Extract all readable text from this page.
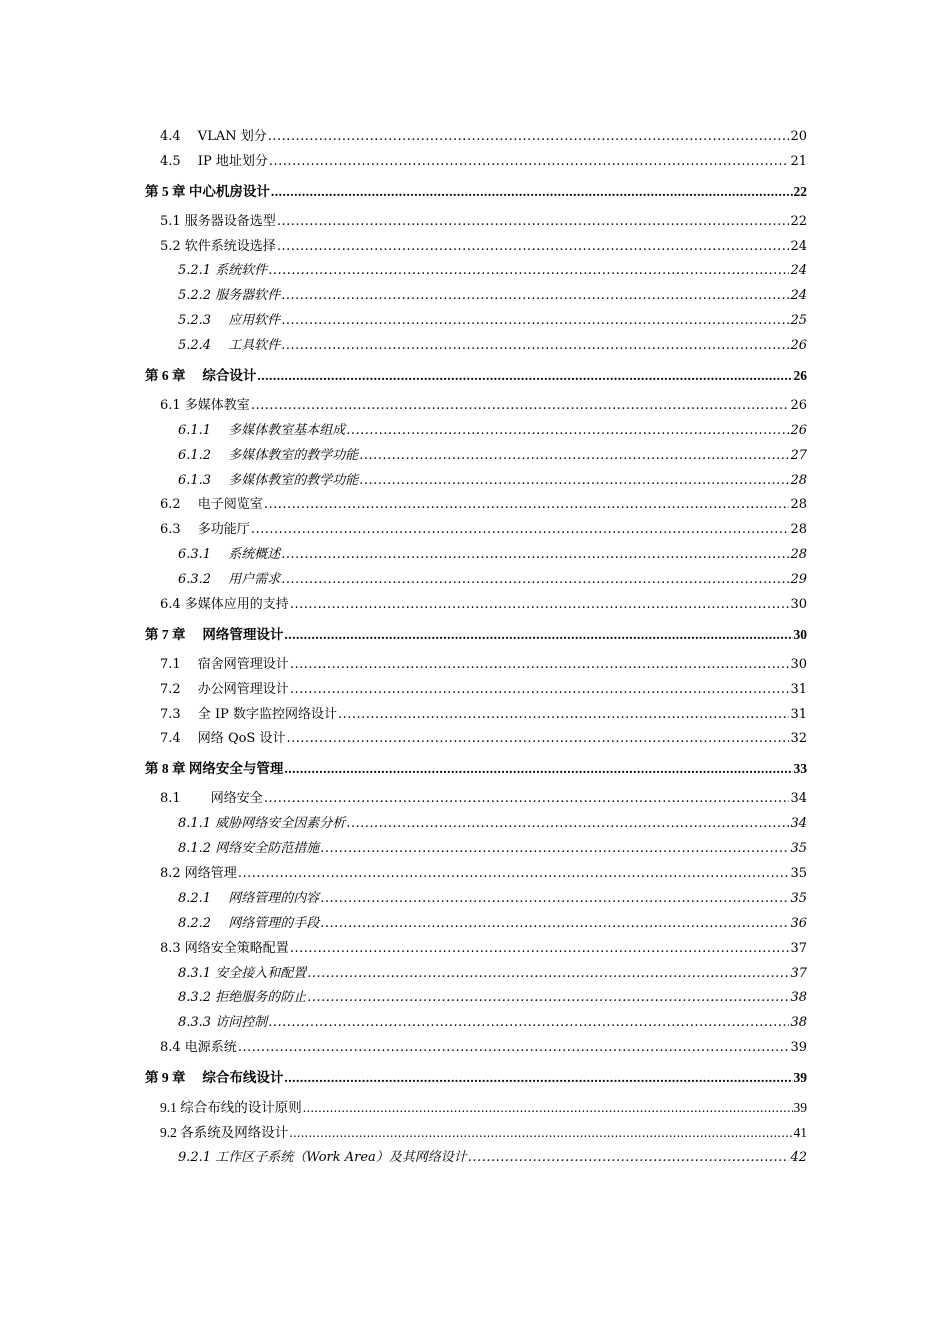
4.4　 VLAN 划分 .....	20
4.5　 IP 地址划分 .....	21
第 5 章 中心机房设计 .....	22
5.1 服务器设备选型 .....	22
5.2 软件系统设选择 .....	24
5.2.1 系统软件 .....	24
5.2.2 服务器软件 .....	24
5.2.3　 应用软件 .....	25
5.2.4　 工具软件 .....	26
第 6 章　 综合设计 .....	26
6.1 多媒体教室 .....	26
6.1.1　 多媒体教室基本组成 .....	26
6.1.2　 多媒体教室的教学功能 .....	27
6.1.3　 多媒体教室的教学功能 .....	28
6.2　 电子阅览室 .....	28
6.3　 多功能厅 .....	28
6.3.1　 系统概述 .....	28
6.3.2　 用户需求 .....	29
6.4 多媒体应用的支持 .....	30
第 7 章　 网络管理设计 .....	30
7.1　 宿舍网管理设计 .....	30
7.2　 办公网管理设计 .....	31
7.3　 全 IP 数字监控网络设计 .....	31
7.4　 网络 QoS 设计 .....	32
第 8 章 网络安全与管理 .....	33
8.1　　 网络安全 .....	34
8.1.1 威胁网络安全因素分析 .....	34
8.1.2 网络安全防范措施 .....	35
8.2 网络管理 .....	35
8.2.1　 网络管理的内容 .....	35
8.2.2　 网络管理的手段 .....	36
8.3 网络安全策略配置 .....	37
8.3.1 安全接入和配置 .....	37
8.3.2 拒绝服务的防止 .....	38
8.3.3 访问控制 .....	38
8.4 电源系统 .....	39
第 9 章　 综合布线设计 .....	39
9.1 综合布线的设计原则 .....	39
9.2 各系统及网络设计 .....	41
9.2.1 工作区子系统（Work Area）及其网络设计 .....	42
